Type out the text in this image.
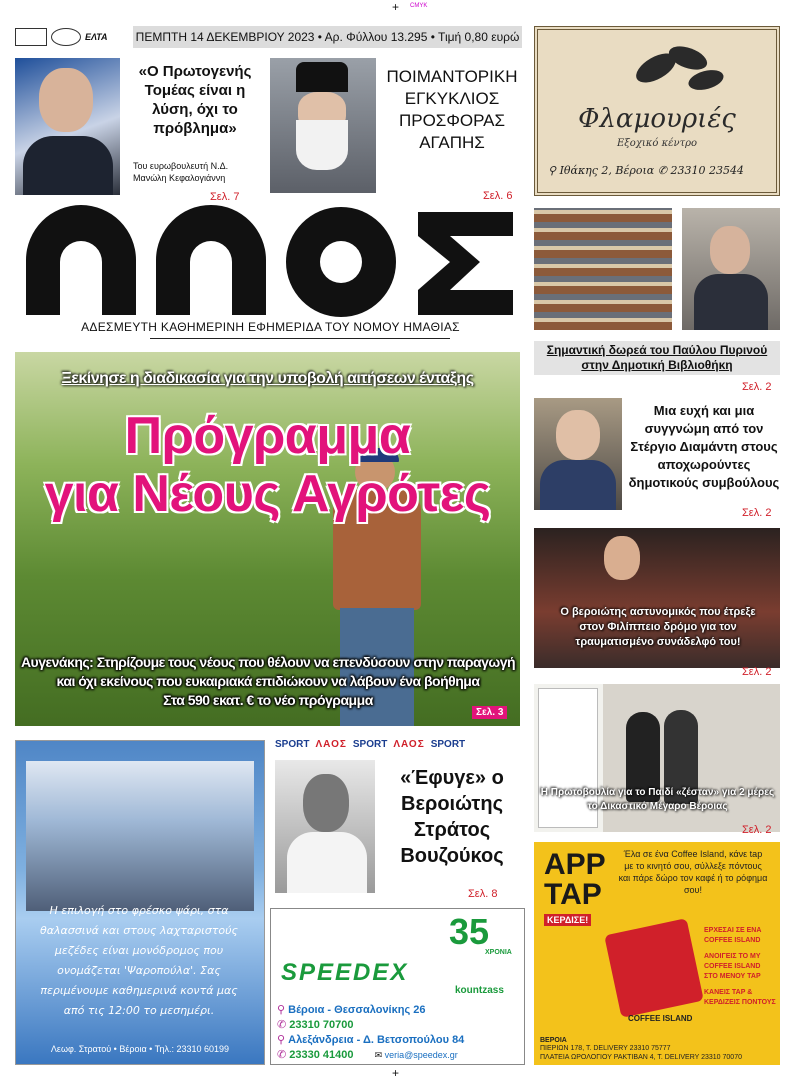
+ CMYK
ΕΛΤΑ ΠΕΜΠΤΗ 14 ΔΕΚΕΜΒΡΙΟΥ 2023 • Αρ. Φύλλου 13.295 • Τιμή 0,80 ευρώ
«Ο Πρωτογενής Τομέας είναι η λύση, όχι το πρόβλημα»
Του ευρωβουλευτή Ν.Δ. Μανώλη Κεφαλογιάννη
Σελ. 7
ΠΟΙΜΑΝΤΟΡΙΚΗ ΕΓΚΥΚΛΙΟΣ ΠΡΟΣΦΟΡΑΣ ΑΓΑΠΗΣ
Σελ. 6
Φλαμουριές
Εξοχικό κέντρο
⚲ Ιθάκης 2, Βέροια ✆ 23310 23544
ΑΔΕΣΜΕΥΤΗ ΚΑΘΗΜΕΡΙΝΗ ΕΦΗΜΕΡΙΔΑ ΤΟΥ ΝΟΜΟΥ ΗΜΑΘΙΑΣ
Ξεκίνησε η διαδικασία για την υποβολή αιτήσεων ένταξης
Πρόγραμμα
για Νέους Αγρότες
Αυγενάκης: Στηρίζουμε τους νέους που θέλουν να επενδύσουν στην παραγωγή
και όχι εκείνους που ευκαιριακά επιδιώκουν να λάβουν ένα βοήθημα
Στα 590 εκατ. € το νέο πρόγραμμα
Σελ. 3
Σημαντική δωρεά του Παύλου Πυρινού στην Δημοτική Βιβλιοθήκη
Σελ. 2
Μια ευχή και μια συγγνώμη από τον Στέργιο Διαμάντη στους αποχωρούντες δημοτικούς συμβούλους
Σελ. 2
Ο βεροιώτης αστυνομικός που έτρεξε στον Φιλίππειο δρόμο για τον τραυματισμένο συνάδελφό του!
Σελ. 2
Η Πρωτοβουλία για το Παιδί «ζέσταν» για 2 μέρες το Δικαστικό Μέγαρο Βέροιας
Σελ. 2
Η επιλογή στο φρέσκο ψάρι, στα θαλασσινά και στους λαχταριστούς μεζέδες είναι μονόδρομος που ονομάζεται 'Ψαροπούλα'. Σας περιμένουμε καθημερινά κοντά μας από τις 12:00 το μεσημέρι.
Λεωφ. Στρατού • Βέροια • Τηλ.: 23310 60199
SPORT ΛΑΟΣ SPORT ΛΑΟΣ SPORT
«Έφυγε» ο Βεροιώτης Στράτος Βουζούκος
Σελ. 8
35
ΧΡΟΝΙΑ
SPEEDEX
kountzass
⚲ Βέροια - Θεσσαλονίκης 26
✆ 23310 70700
⚲ Αλεξάνδρεια - Δ. Βετσοπούλου 84
✆ 23330 41400 ✉ veria@speedex.gr
APP
TAP
ΚΕΡΔΙΣΕ!
Έλα σε ένα Coffee Island, κάνε tap με το κινητό σου, σύλλεξε πόντους και πάρε δώρο τον καφέ ή το ρόφημα σου!
ΕΡΧΕΣΑΙ ΣΕ ΕΝΑ COFFEE ISLAND
ΑΝΟΙΓΕΙΣ ΤΟ MY COFFEE ISLAND ΣΤΟ ΜΕΝΟΥ TAP
ΚΑΝΕΙΣ TAP & ΚΕΡΔΙΖΕΙΣ ΠΟΝΤΟΥΣ
COFFEE ISLAND
ΒΕΡΟΙΑ
ΠΙΕΡΙΩΝ 178, Τ. DELIVERY 23310 75777
ΠΛΑΤΕΙΑ ΩΡΟΛΟΓΙΟΥ ΡΑΚΤΙΒΑΝ 4, Τ. DELIVERY 23310 70070
+
